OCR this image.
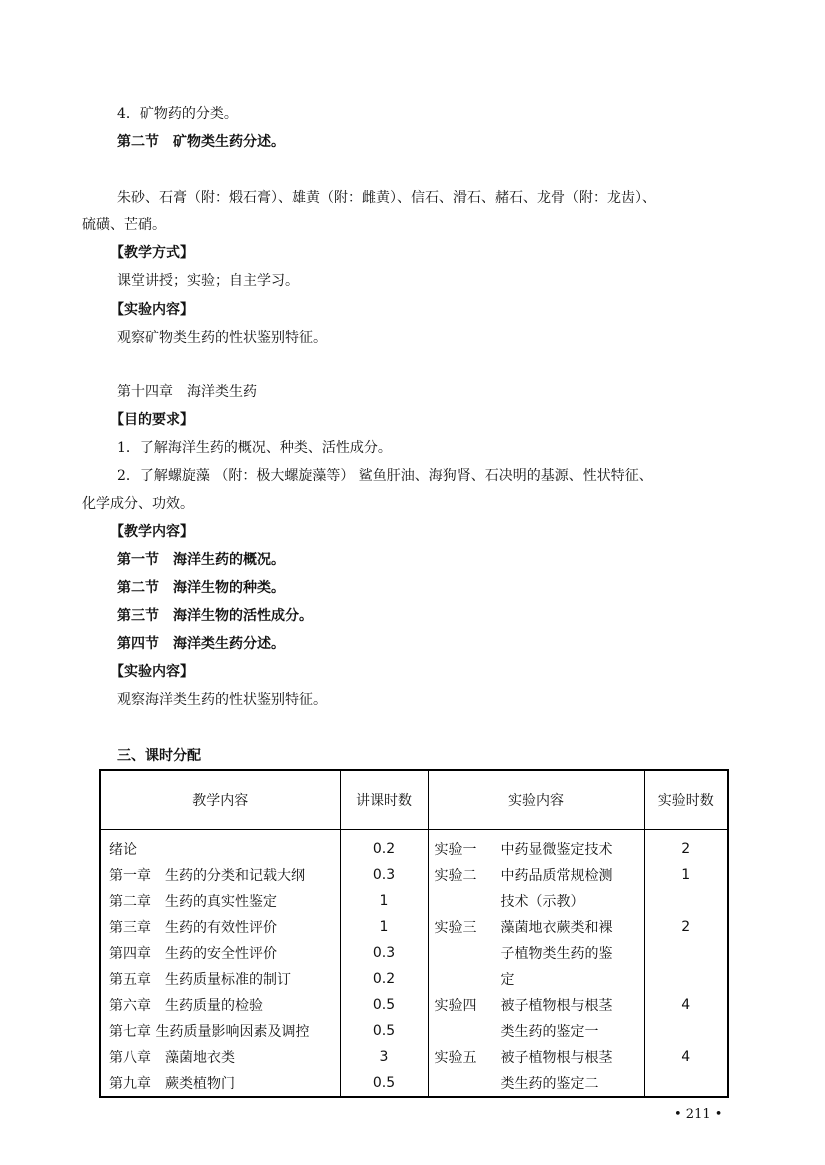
4．矿物药的分类。
第二节　矿物类生药分述。
朱砂、石膏（附：煅石膏）、雄黄（附：雌黄）、信石、滑石、赭石、龙骨（附：龙齿）、
硫磺、芒硝。
【教学方式】
课堂讲授；实验；自主学习。
【实验内容】
观察矿物类生药的性状鉴别特征。
第十四章　海洋类生药
【目的要求】
1．了解海洋生药的概况、种类、活性成分。
2．了解螺旋藻 （附：极大螺旋藻等） 鲨鱼肝油、海狗肾、石决明的基源、性状特征、
化学成分、功效。
【教学内容】
第一节　海洋生药的概况。
第二节　海洋生物的种类。
第三节　海洋生物的活性成分。
第四节　海洋类生药分述。
【实验内容】
观察海洋类生药的性状鉴别特征。
三、课时分配
教学内容	讲课时数	实验内容	实验时数
绪论	0.2	实验一 中药显微鉴定技术	2
第一章　生药的分类和记载大纲	0.3	实验二 中药品质常规检测	1
第二章　生药的真实性鉴定	1	技术（示教）	
第三章　生药的有效性评价	1	实验三 藻菌地衣蕨类和裸	2
第四章　生药的安全性评价	0.3	子植物类生药的鉴	
第五章　生药质量标准的制订	0.2	定	
第六章　生药质量的检验	0.5	实验四 被子植物根与根茎	4
第七章 生药质量影响因素及调控	0.5	类生药的鉴定一	
第八章　藻菌地衣类	3	实验五 被子植物根与根茎	4
第九章　蕨类植物门	0.5	类生药的鉴定二	
• 211 •
